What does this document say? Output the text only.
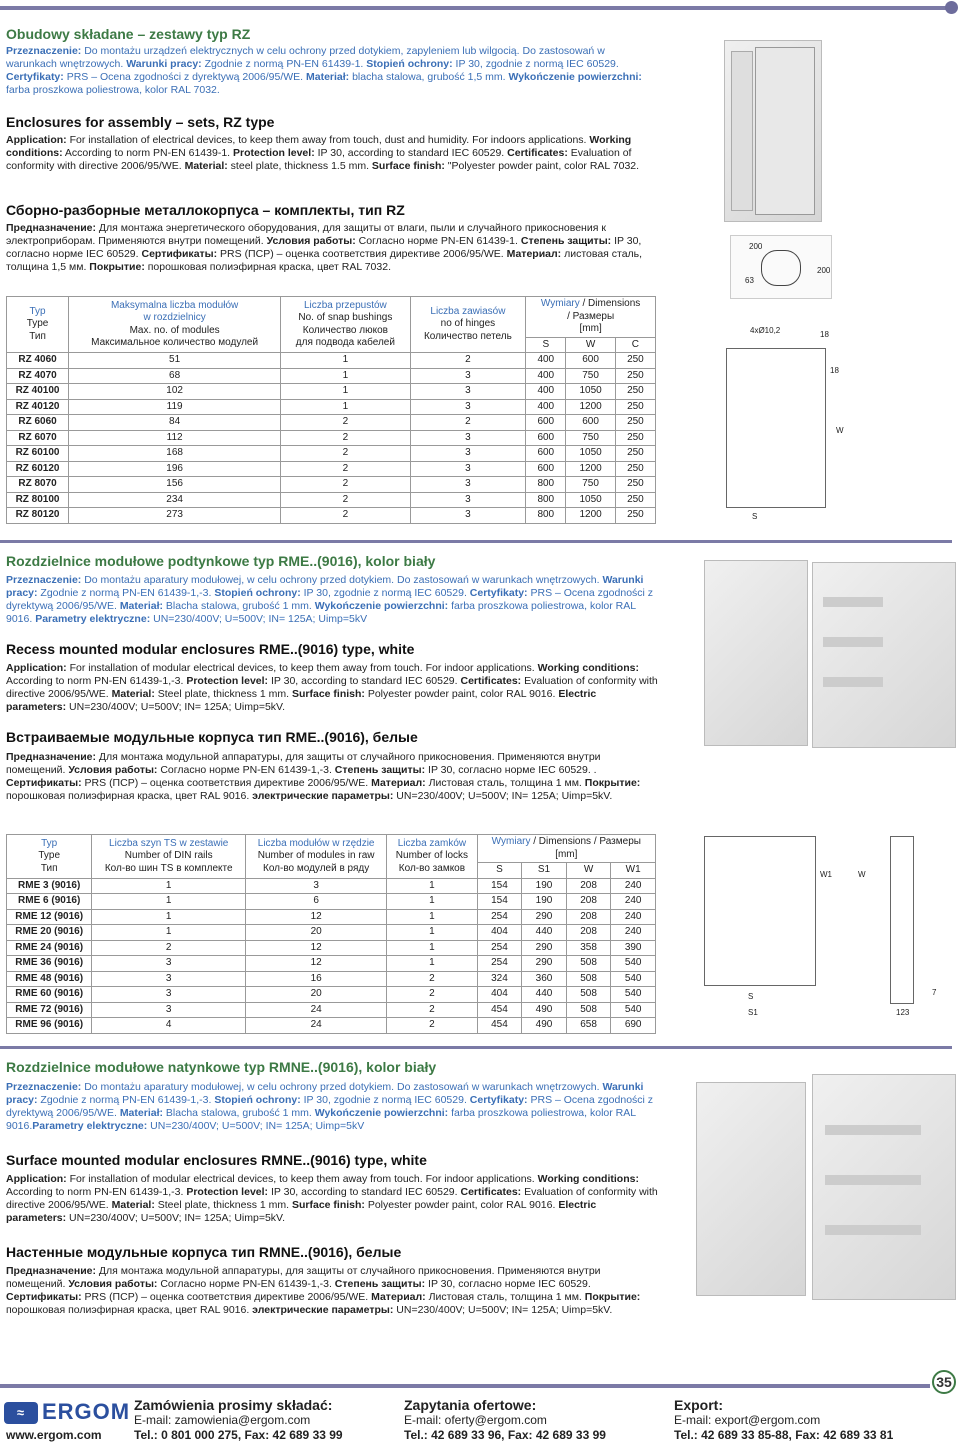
Obudowy składane – zestawy typ RZ
Przeznaczenie: Do montażu urządzeń elektrycznych w celu ochrony przed dotykiem, zapyleniem lub wilgocią. Do zastosowań w warunkach wnętrzowych. Warunki pracy: Zgodnie z normą PN-EN 61439-1. Stopień ochrony: IP 30, zgodnie z normą IEC 60529. Certyfikaty: PRS – Ocena zgodności z dyrektywą 2006/95/WE. Materiał: blacha stalowa, grubość 1,5 mm. Wykończenie powierzchni: farba proszkowa poliestrowa, kolor RAL 7032.
Enclosures for assembly – sets, RZ type
Application: For installation of electrical devices, to keep them away from touch, dust and humidity. For indoors applications. Working conditions: According to norm PN-EN 61439-1. Protection level: IP 30, according to standard IEC 60529. Certificates: Evaluation of conformity with directive 2006/95/WE. Material: steel plate, thickness 1.5 mm. Surface finish: "Polyester powder paint, color RAL 7032.
Сборно-разборные металлокорпуса – комплекты, тип RZ
Предназначение: Для монтажа энергетического оборудования, для защиты от влаги, пыли и случайного прикосновения к электроприборам. Применяются внутри помещений. Условия работы: Согласно норме PN-EN 61439-1. Степень защиты: IP 30, согласно норме IEC 60529. Сертификаты: PRS (ПСР) – оценка соответствия директиве 2006/95/WE. Материал: листовая сталь, толщина 1,5 мм. Покрытие: порошковая полиэфирная краска, цвет RAL 7032.
200
63
200
Typ
Type
Тип	Maksymalna liczba modułów
w rozdzielnicy
Max. no. of modules
Максимальное количество модулей	Liczba przepustów
No. of snap bushings
Количество люков
для подвода кабелей	Liczba zawiasów
no of hinges
Количество петель	Wymiary / Dimensions
/ Размеры
[mm]		
				S	W	C
RZ 4060	51	1	2	400	600	250
RZ 4070	68	1	3	400	750	250
RZ 40100	102	1	3	400	1050	250
RZ 40120	119	1	3	400	1200	250
RZ 6060	84	2	2	600	600	250
RZ 6070	112	2	3	600	750	250
RZ 60100	168	2	3	600	1050	250
RZ 60120	196	2	3	600	1200	250
RZ 8070	156	2	3	800	750	250
RZ 80100	234	2	3	800	1050	250
RZ 80120	273	2	3	800	1200	250
4xØ10,2	18
18
W
S
Rozdzielnice modułowe podtynkowe typ RME..(9016), kolor biały
Przeznaczenie: Do montażu aparatury modułowej, w celu ochrony przed dotykiem. Do zastosowań w warunkach wnętrzowych. Warunki pracy: Zgodnie z normą PN-EN 61439-1,-3. Stopień ochrony: IP 30, zgodnie z normą IEC 60529. Certyfikaty: PRS – Ocena zgodności z dyrektywą 2006/95/WE. Materiał: Blacha stalowa, grubość 1 mm. Wykończenie powierzchni: farba proszkowa poliestrowa, kolor RAL 9016. Parametry elektryczne: UN=230/400V; U=500V; IN= 125A; Uimp=5kV
Recess mounted modular enclosures RME..(9016) type, white
Application: For installation of modular electrical devices, to keep them away from touch. For indoor applications. Working conditions: According to norm PN-EN 61439-1,-3. Protection level: IP 30, according to standard IEC 60529. Certificates: Evaluation of conformity with directive 2006/95/WE. Material: Steel plate, thickness 1 mm. Surface finish: Polyester powder paint, color RAL 9016. Electric parameters: UN=230/400V; U=500V; IN= 125A; Uimp=5kV.
Встраиваемые модульные корпуса тип RME..(9016), белые
Предназначение: Для монтажа модульной аппаратуры, для защиты от случайного прикосновения. Применяются внутри помещений. Условия работы: Согласно норме PN-EN 61439-1,-3. Степень защиты: IP 30, согласно норме IEC 60529. . Сертификаты: PRS (ПСР) – оценка соответствия директиве 2006/95/WE. Материал: Листовая сталь, толщина 1 мм. Покрытие: порошковая полиэфирная краска, цвет RAL 9016. электрические параметры: UN=230/400V; U=500V; IN= 125A; Uimp=5kV.
Typ
Type
Тип	Liczba szyn TS w zestawie
Number of DIN rails
Кол-во шин TS в комплекте	Liczba modułów w rzędzie
Number of modules in raw
Кол-во модулей в ряду	Liczba zamków
Number of locks
Кол-во замков	Wymiary / Dimensions / Размеры
[mm]			
				S	S1	W	W1
RME 3 (9016)	1	3	1	154	190	208	240
RME 6 (9016)	1	6	1	154	190	208	240
RME 12 (9016)	1	12	1	254	290	208	240
RME 20 (9016)	1	20	1	404	440	208	240
RME 24 (9016)	2	12	1	254	290	358	390
RME 36 (9016)	3	12	1	254	290	508	540
RME 48 (9016)	3	16	2	324	360	508	540
RME 60 (9016)	3	20	2	404	440	508	540
RME 72 (9016)	3	24	2	454	490	508	540
RME 96 (9016)	4	24	2	454	490	658	690
W1	W
S
S1
7
123
Rozdzielnice modułowe natynkowe typ RMNE..(9016), kolor biały
Przeznaczenie: Do montażu aparatury modułowej, w celu ochrony przed dotykiem. Do zastosowań w warunkach wnętrzowych. Warunki pracy: Zgodnie z normą PN-EN 61439-1,-3. Stopień ochrony: IP 30, zgodnie z normą IEC 60529. Certyfikaty: PRS – Ocena zgodności z dyrektywą 2006/95/WE. Materiał: Blacha stalowa, grubość 1 mm. Wykończenie powierzchni: farba proszkowa poliestrowa, kolor RAL 9016.Parametry elektryczne: UN=230/400V; U=500V; IN= 125A; Uimp=5kV
Surface mounted modular enclosures RMNE..(9016) type, white
Application: For installation of modular electrical devices, to keep them away from touch. For indoor applications. Working conditions: According to norm PN-EN 61439-1,-3. Protection level: IP 30, according to standard IEC 60529. Certificates: Evaluation of conformity with directive 2006/95/WE. Material: Steel plate, thickness 1 mm. Surface finish: Polyester powder paint, color RAL 9016. Electric parameters: UN=230/400V; U=500V; IN= 125A; Uimp=5kV.
Настенные модульные корпуса тип RMNE..(9016), белые
Предназначение: Для монтажа модульной аппаратуры, для защиты от случайного прикосновения. Применяются внутри помещений. Условия работы: Согласно норме PN-EN 61439-1,-3. Степень защиты: IP 30, согласно норме IEC 60529. Сертификаты: PRS (ПСР) – оценка соответствия директиве 2006/95/WE. Материал: Листовая сталь, толщина 1 мм. Покрытие: порошковая полиэфирная краска, цвет RAL 9016. электрические параметры: UN=230/400V; U=500V; IN= 125A; Uimp=5kV.
35
≈ ERGOM
www.ergom.com
Zamówienia prosimy składać:
E-mail: zamowienia@ergom.com
Tel.: 0 801 000 275, Fax: 42 689 33 99
Zapytania ofertowe:
E-mail: oferty@ergom.com
Tel.: 42 689 33 96, Fax: 42 689 33 99
Export:
E-mail: export@ergom.com
Tel.: 42 689 33 85-88, Fax: 42 689 33 81
